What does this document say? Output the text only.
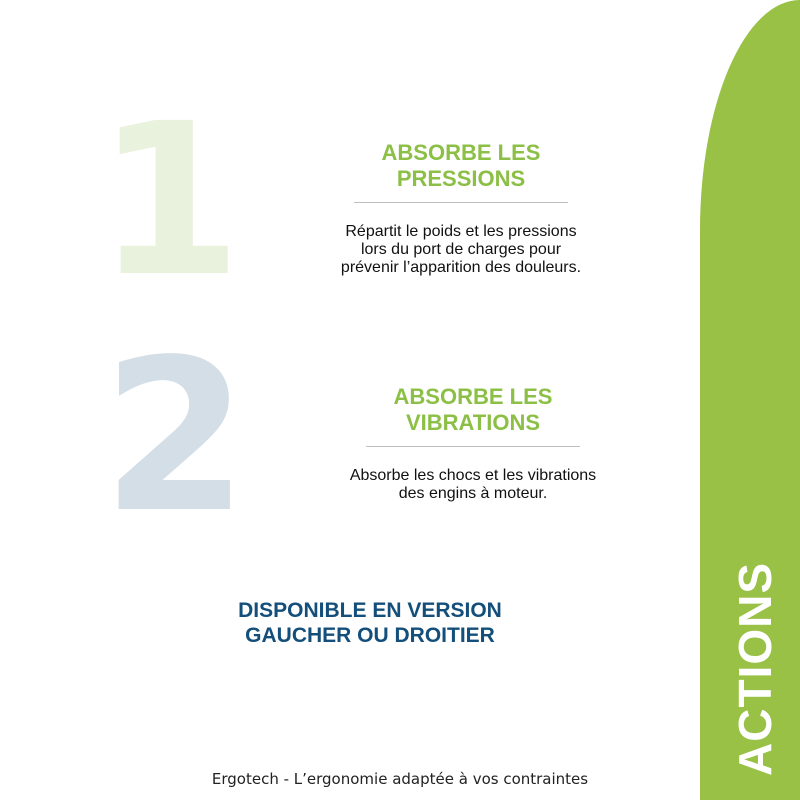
ACTIONS
1
2
ABSORBE LES
PRESSIONS
Répartit le poids et les pressions
lors du port de charges pour
prévenir l’apparition des douleurs.
ABSORBE LES
VIBRATIONS
Absorbe les chocs et les vibrations
des engins à moteur.
DISPONIBLE EN VERSION
GAUCHER OU DROITIER
Ergotech - L’ergonomie adaptée à vos contraintes
